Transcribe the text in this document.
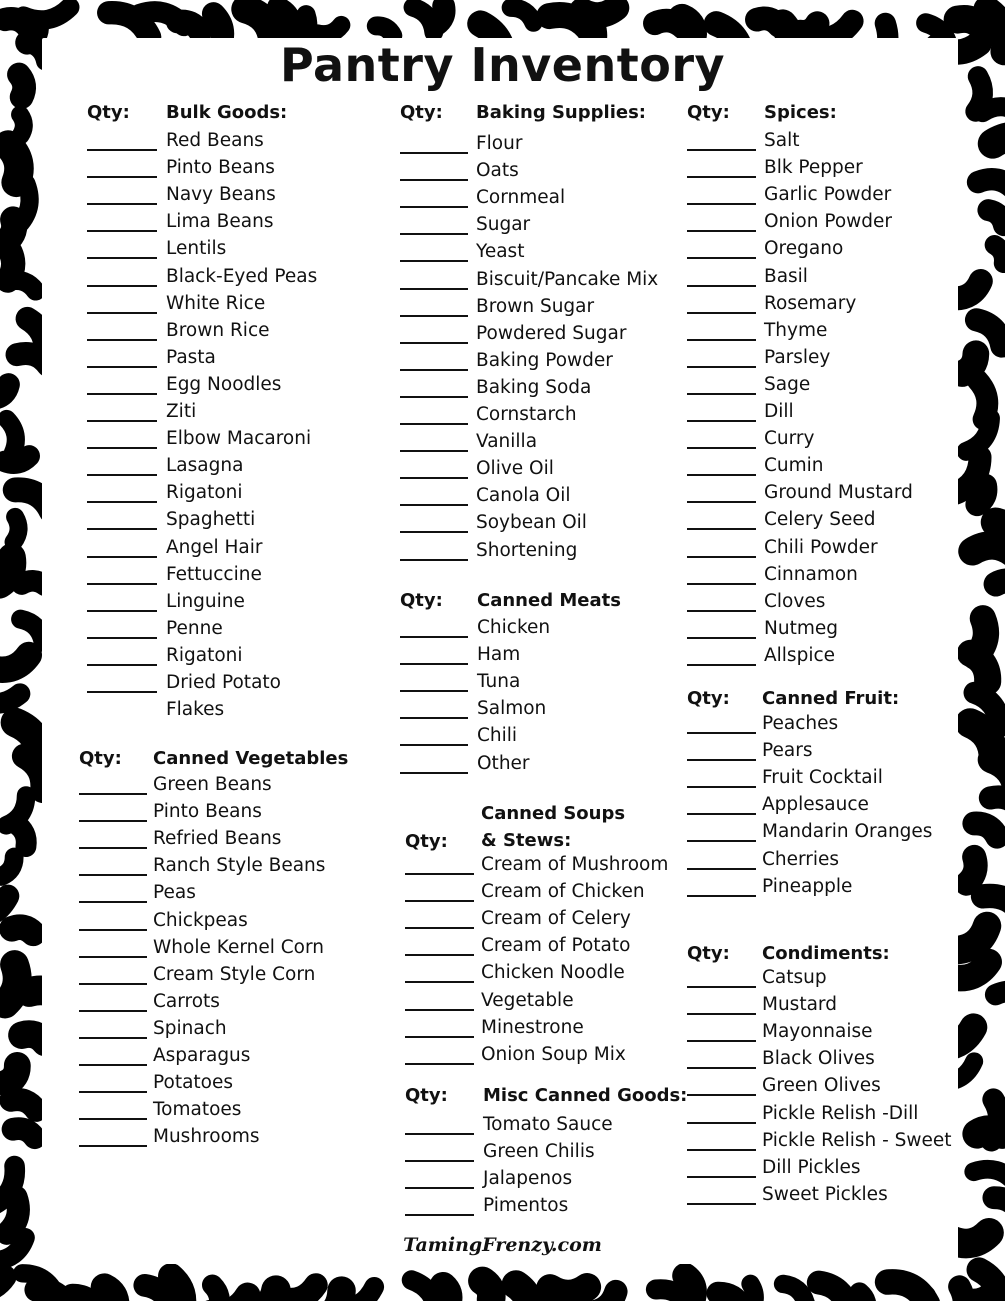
Pantry Inventory
Qty: Bulk Goods:
Red Beans
Pinto Beans
Navy Beans
Lima Beans
Lentils
Black-Eyed Peas
White Rice
Brown Rice
Pasta
Egg Noodles
Ziti
Elbow Macaroni
Lasagna
Rigatoni
Spaghetti
Angel Hair
Fettuccine
Linguine
Penne
Rigatoni
Dried Potato
Flakes
Qty: Canned Vegetables
Green Beans
Pinto Beans
Refried Beans
Ranch Style Beans
Peas
Chickpeas
Whole Kernel Corn
Cream Style Corn
Carrots
Spinach
Asparagus
Potatoes
Tomatoes
Mushrooms
Qty: Baking Supplies:
Flour
Oats
Cornmeal
Sugar
Yeast
Biscuit/Pancake Mix
Brown Sugar
Powdered Sugar
Baking Powder
Baking Soda
Cornstarch
Vanilla
Olive Oil
Canola Oil
Soybean Oil
Shortening
Qty: Canned Meats
Chicken
Ham
Tuna
Salmon
Chili
Other
Qty:
Canned Soups
& Stews:
Cream of Mushroom
Cream of Chicken
Cream of Celery
Cream of Potato
Chicken Noodle
Vegetable
Minestrone
Onion Soup Mix
Qty: Misc Canned Goods:
Tomato Sauce
Green Chilis
Jalapenos
Pimentos
Qty: Spices:
Salt
Blk Pepper
Garlic Powder
Onion Powder
Oregano
Basil
Rosemary
Thyme
Parsley
Sage
Dill
Curry
Cumin
Ground Mustard
Celery Seed
Chili Powder
Cinnamon
Cloves
Nutmeg
Allspice
Qty: Canned Fruit:
Peaches
Pears
Fruit Cocktail
Applesauce
Mandarin Oranges
Cherries
Pineapple
Qty: Condiments:
Catsup
Mustard
Mayonnaise
Black Olives
Green Olives
Pickle Relish -Dill
Pickle Relish - Sweet
Dill Pickles
Sweet Pickles
TamingFrenzy.com
